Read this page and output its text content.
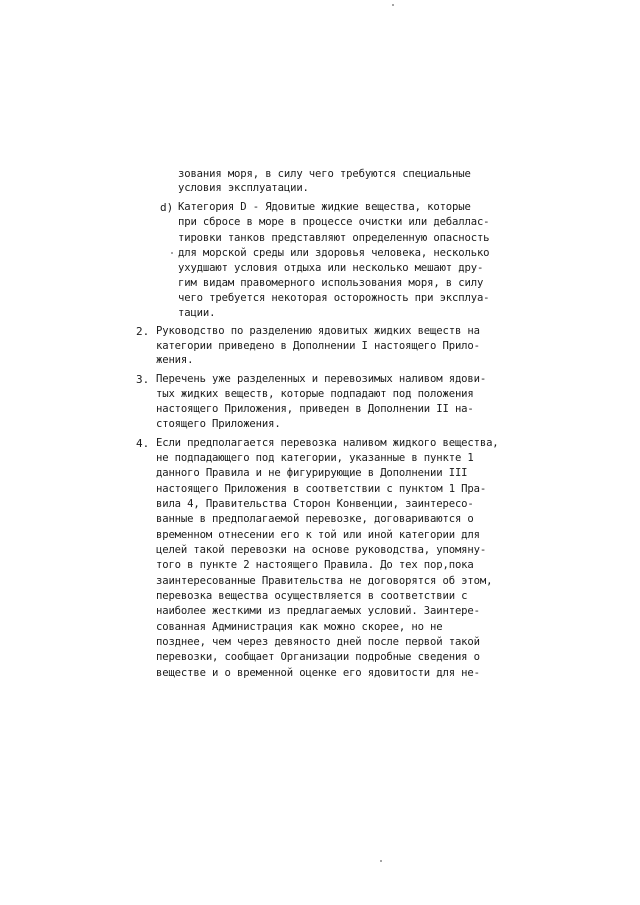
зования моря, в силу чего требуются специальные
условия эксплуатации.
d) Категория D - Ядовитые жидкие вещества, которые
при сбросе в море в процессе очистки или дебаллас-
тировки танков представляют определенную опасность
для морской среды или здоровья человека, несколько
ухудшают условия отдыха или несколько мешают дру-
гим видам правомерного использования моря, в силу
чего требуется некоторая осторожность при эксплуа-
тации.
2. Руководство по разделению ядовитых жидких веществ на
категории приведено в Дополнении I настоящего Прило-
жения.
3. Перечень уже разделенных и перевозимых наливом ядови-
тых жидких веществ, которые подпадают под положения
настоящего Приложения, приведен в Дополнении II на-
стоящего Приложения.
4. Если предполагается перевозка наливом жидкого вещества,
не подпадающего под категории, указанные в пункте 1
данного Правила и не фигурирующие в Дополнении III
настоящего Приложения в соответствии с пунктом 1 Пра-
вила 4, Правительства Сторон Конвенции, заинтересо-
ванные в предполагаемой перевозке, договариваются о
временном отнесении его к той или иной категории для
целей такой перевозки на основе руководства, упомяну-
того в пункте 2 настоящего Правила. До тех пор,пока
заинтересованные Правительства не договорятся об этом,
перевозка вещества осуществляется в соответствии с
наиболее жесткими из предлагаемых условий. Заинтере-
сованная Администрация как можно скорее, но не
позднее, чем через девяносто дней после первой такой
перевозки, сообщает Организации подробные сведения о
веществе и о временной оценке его ядовитости для не-
